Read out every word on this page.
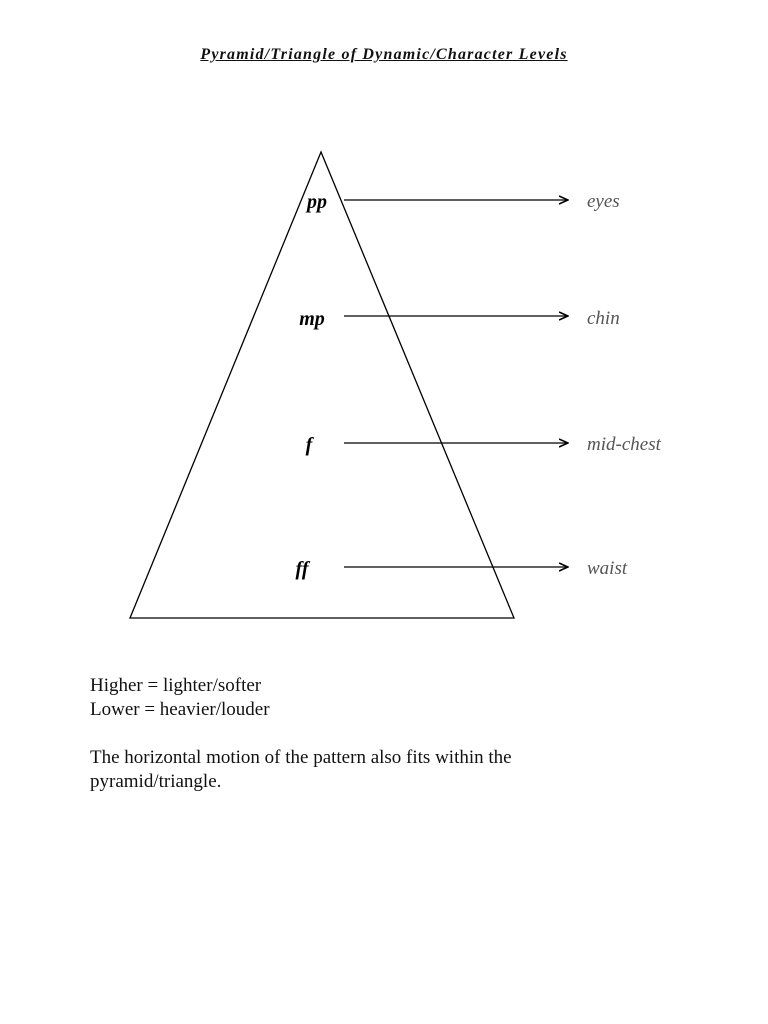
Pyramid/Triangle of Dynamic/Character Levels
pp	eyes
mp	chin
f	mid-chest
ff	waist

Higher = lighter/softer

Lower = heavier/louder

The horizontal motion of the pattern also fits within the

pyramid/triangle.
